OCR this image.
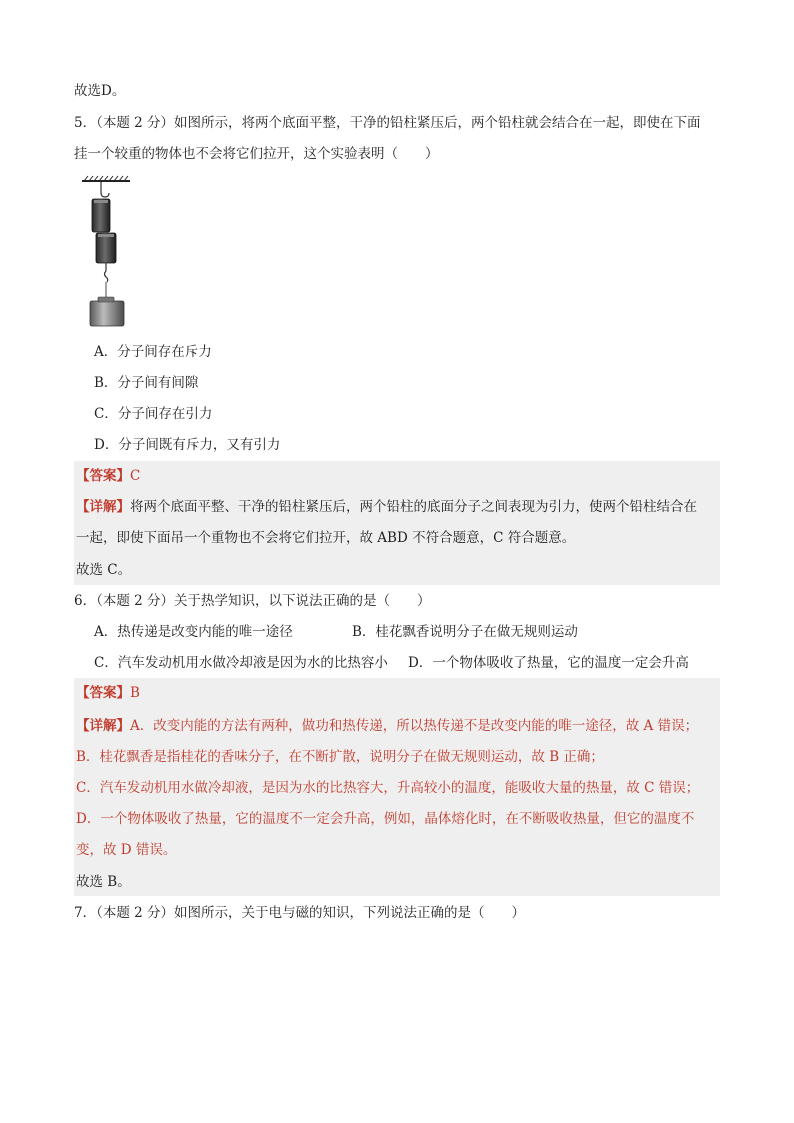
故选D。
5．（本题 2 分）如图所示，将两个底面平整，干净的铅柱紧压后，两个铅柱就会结合在一起，即使在下面
挂一个较重的物体也不会将它们拉开，这个实验表明（　　）
A．分子间存在斥力
B．分子间有间隙
C．分子间存在引力
D．分子间既有斥力，又有引力
【答案】C
【详解】将两个底面平整、干净的铅柱紧压后，两个铅柱的底面分子之间表现为引力，使两个铅柱结合在
一起，即使下面吊一个重物也不会将它们拉开，故 ABD 不符合题意，C 符合题意。
故选 C。
6．（本题 2 分）关于热学知识，以下说法正确的是（　　）
A．热传递是改变内能的唯一途径	B．桂花飘香说明分子在做无规则运动
C．汽车发动机用水做冷却液是因为水的比热容小 D．一个物体吸收了热量，它的温度一定会升高
【答案】B
【详解】A．改变内能的方法有两种，做功和热传递，所以热传递不是改变内能的唯一途径，故 A 错误；
B．桂花飘香是指桂花的香味分子，在不断扩散，说明分子在做无规则运动，故 B 正确；
C．汽车发动机用水做冷却液，是因为水的比热容大，升高较小的温度，能吸收大量的热量，故 C 错误；
D．一个物体吸收了热量，它的温度不一定会升高，例如，晶体熔化时，在不断吸收热量，但它的温度不
变，故 D 错误。
故选 B。
7．（本题 2 分）如图所示，关于电与磁的知识，下列说法正确的是（　　）
